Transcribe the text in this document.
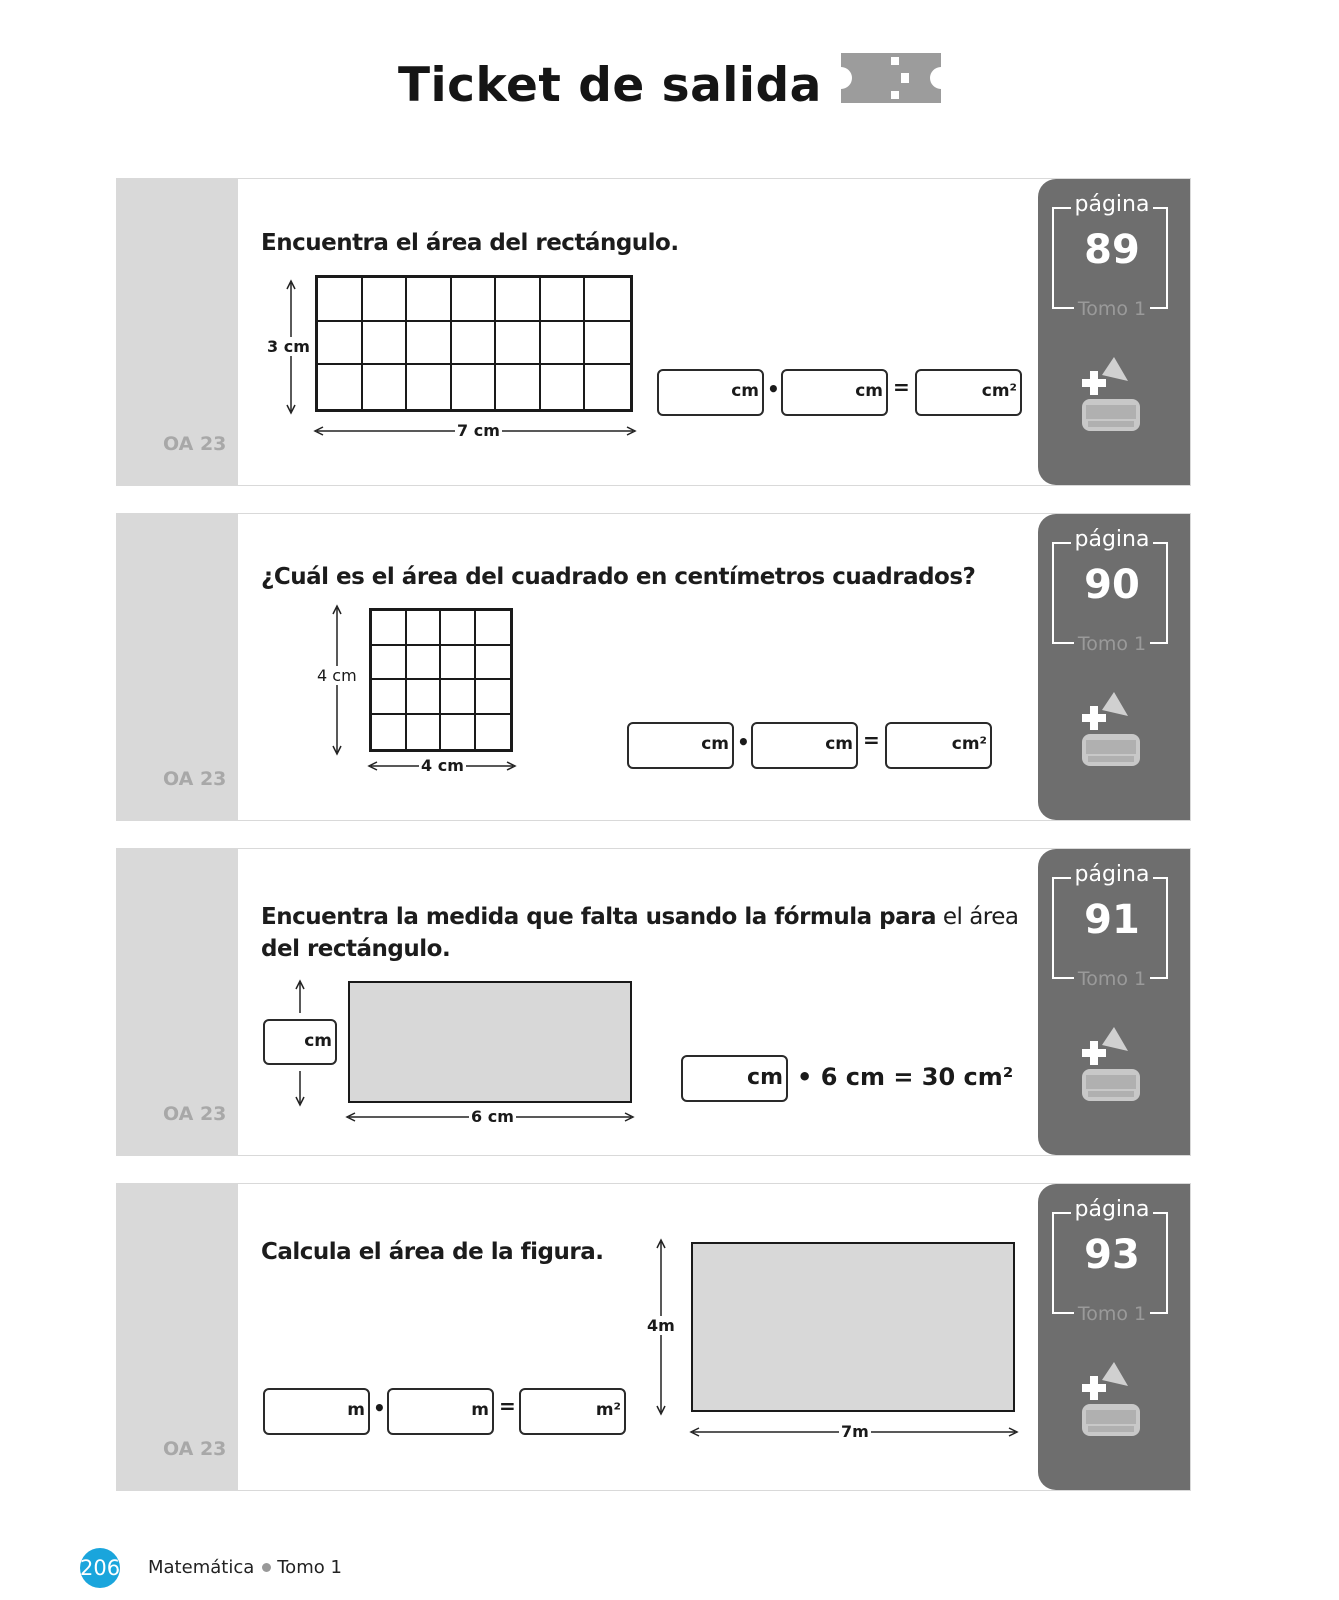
Ticket de salida
OA 23
página
89
Tomo 1
Encuentra el área del rectángulo.
3 cm
7 cm
cm •	cm =	cm²
OA 23
página
90
Tomo 1
¿Cuál es el área del cuadrado en centímetros cuadrados?
4 cm
4 cm
cm •	cm =	cm²
OA 23
página
91
Tomo 1
Encuentra la medida que falta usando la fórmula para el área
del rectángulo.
cm
6 cm
cm • 6 cm = 30 cm²
OA 23
página
93
Tomo 1
Calcula el área de la figura.
4m
7m
m •	m =	m²
206 Matemática Tomo 1
